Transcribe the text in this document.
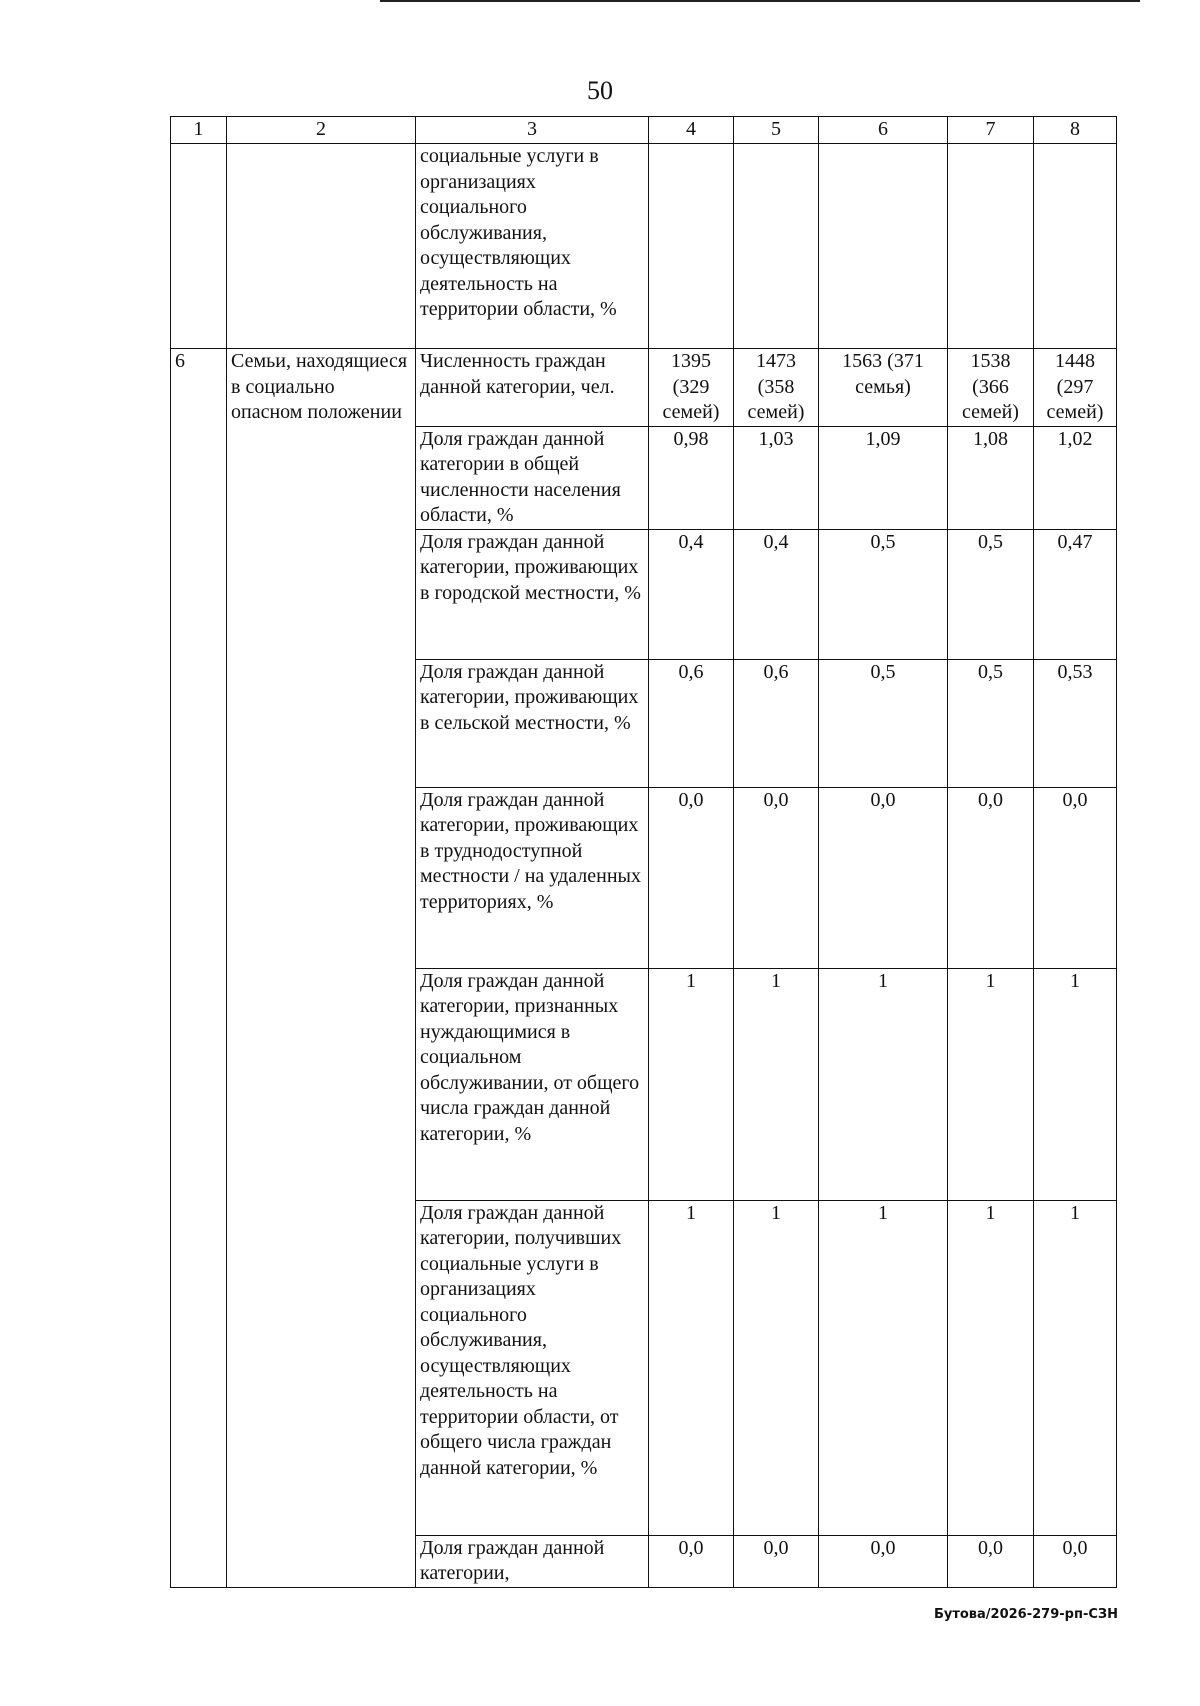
50
1	2	3	4	5	6	7	8
		социальные услуги в организациях социального обслуживания, осуществляющих деятельность на территории области, %					
6	Семьи, находящиеся в социально опасном положении	Численность граждан данной категории, чел.	1395 (329 семей)	1473 (358 семей)	1563 (371 семья)	1538 (366 семей)	1448 (297 семей)
		Доля граждан данной категории в общей численности населения области, %	0,98	1,03	1,09	1,08	1,02
		Доля граждан данной категории, проживающих в городской местности, %	0,4	0,4	0,5	0,5	0,47
		Доля граждан данной категории, проживающих в сельской местности, %	0,6	0,6	0,5	0,5	0,53
		Доля граждан данной категории, проживающих в труднодоступной местности / на удаленных территориях, %	0,0	0,0	0,0	0,0	0,0
		Доля граждан данной категории, признанных нуждающимися в социальном обслуживании, от общего числа граждан данной категории, %	1	1	1	1	1
		Доля граждан данной категории, получивших социальные услуги в организациях социального обслуживания, осуществляющих деятельность на территории области, от общего числа граждан данной категории, %	1	1	1	1	1
		Доля граждан данной категории,	0,0	0,0	0,0	0,0	0,0
Бутова/2026-279-рп-СЗН
